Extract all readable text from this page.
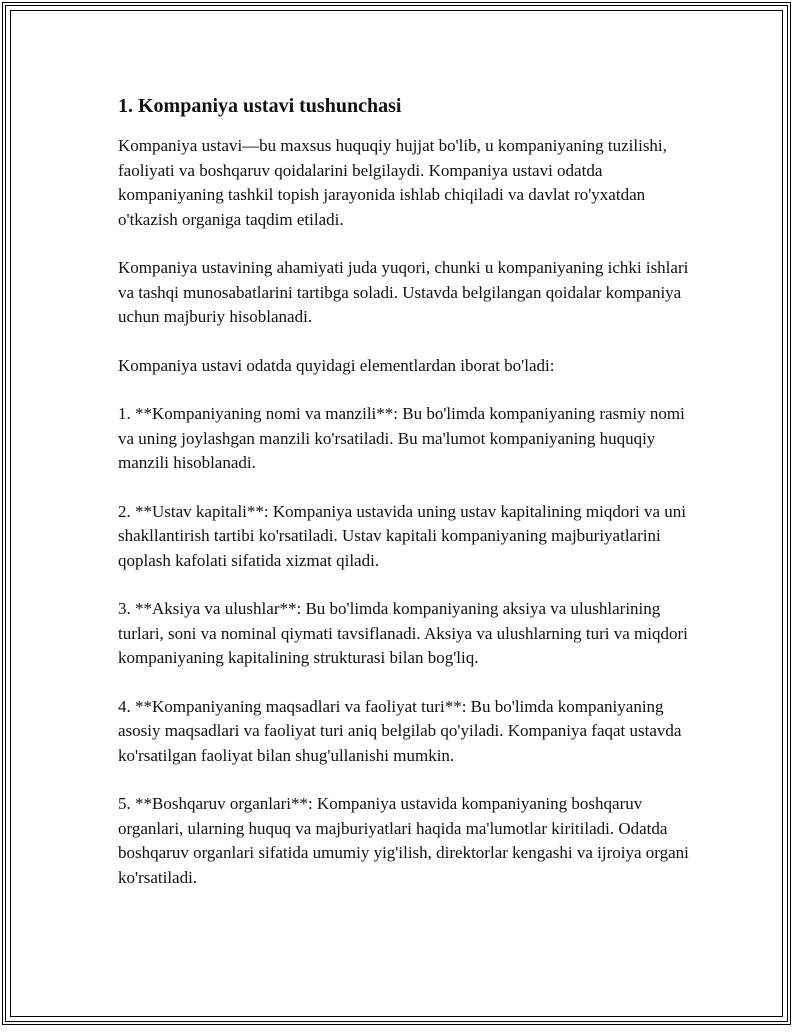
1. Kompaniya ustavi tushunchasi

Kompaniya ustavi—bu maxsus huquqiy hujjat bo'lib, u kompaniyaning tuzilishi, faoliyati va boshqaruv qoidalarini belgilaydi. Kompaniya ustavi odatda kompaniyaning tashkil topish jarayonida ishlab chiqiladi va davlat ro'yxatdan o'tkazish organiga taqdim etiladi.

Kompaniya ustavining ahamiyati juda yuqori, chunki u kompaniyaning ichki ishlari va tashqi munosabatlarini tartibga soladi. Ustavda belgilangan qoidalar kompaniya uchun majburiy hisoblanadi.

Kompaniya ustavi odatda quyidagi elementlardan iborat bo'ladi:

1. **Kompaniyaning nomi va manzili**: Bu bo'limda kompaniyaning rasmiy nomi va uning joylashgan manzili ko'rsatiladi. Bu ma'lumot kompaniyaning huquqiy manzili hisoblanadi.

2. **Ustav kapitali**: Kompaniya ustavida uning ustav kapitalining miqdori va uni shakllantirish tartibi ko'rsatiladi. Ustav kapitali kompaniyaning majburiyatlarini qoplash kafolati sifatida xizmat qiladi.

3. **Aksiya va ulushlar**: Bu bo'limda kompaniyaning aksiya va ulushlarining turlari, soni va nominal qiymati tavsiflanadi. Aksiya va ulushlarning turi va miqdori kompaniyaning kapitalining strukturasi bilan bog'liq.

4. **Kompaniyaning maqsadlari va faoliyat turi**: Bu bo'limda kompaniyaning asosiy maqsadlari va faoliyat turi aniq belgilab qo'yiladi. Kompaniya faqat ustavda ko'rsatilgan faoliyat bilan shug'ullanishi mumkin.

5. **Boshqaruv organlari**: Kompaniya ustavida kompaniyaning boshqaruv organlari, ularning huquq va majburiyatlari haqida ma'lumotlar kiritiladi. Odatda boshqaruv organlari sifatida umumiy yig'ilish, direktorlar kengashi va ijroiya organi ko'rsatiladi.
